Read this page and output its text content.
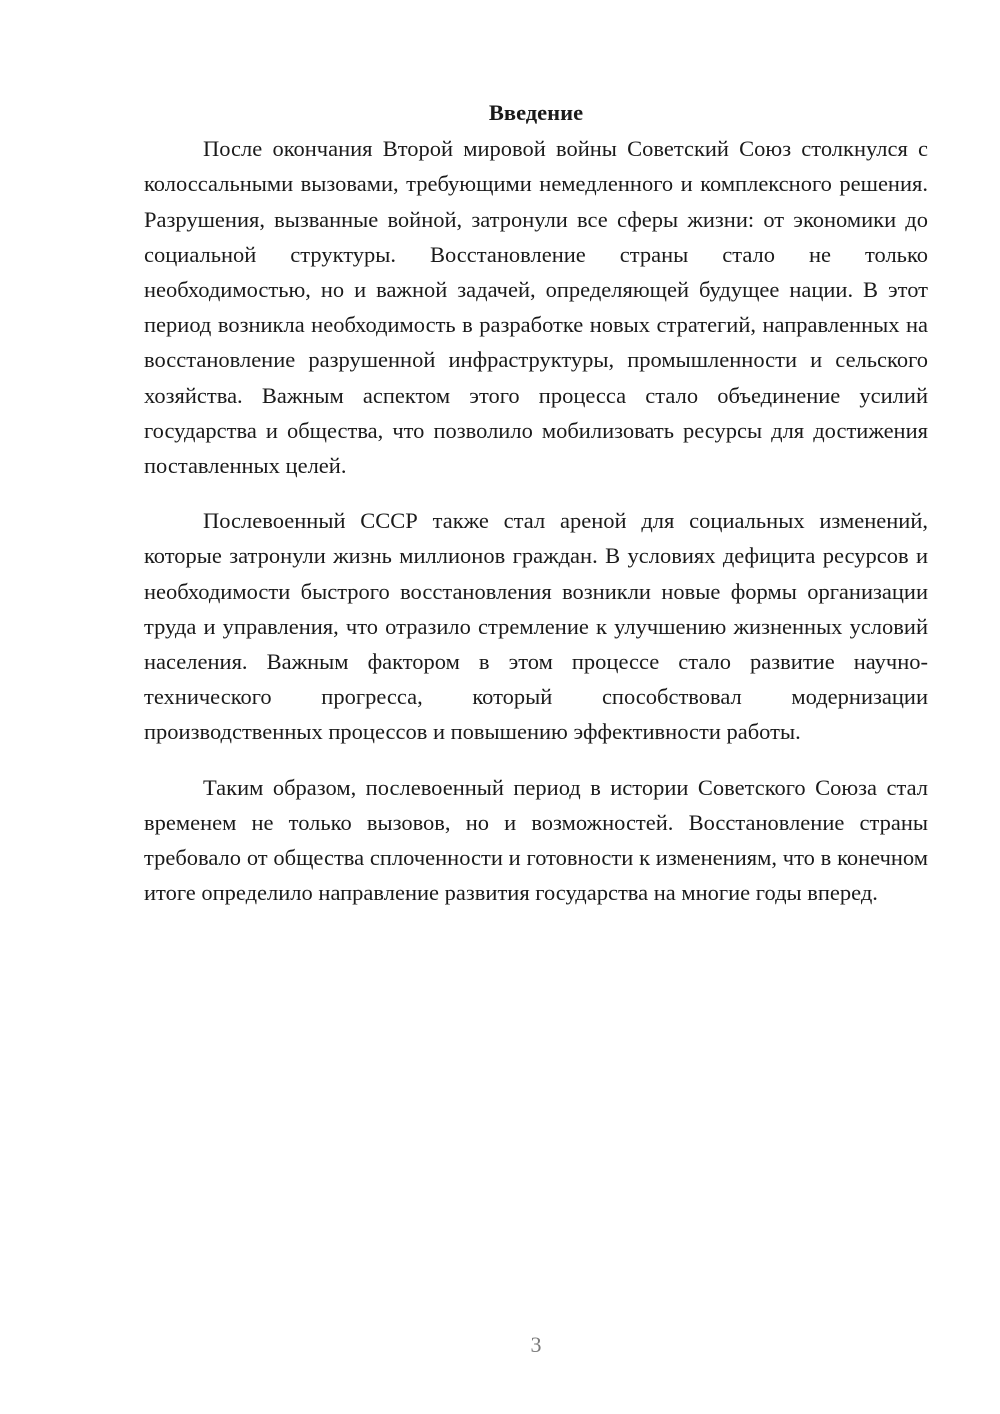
Введение

После окончания Второй мировой войны Советский Союз столкнулся с колоссальными вызовами, требующими немедленного и комплексного решения. Разрушения, вызванные войной, затронули все сферы жизни: от экономики до социальной структуры. Восстановление страны стало не только необходимостью, но и важной задачей, определяющей будущее нации. В этот период возникла необходимость в разработке новых стратегий, направленных на восстановление разрушенной инфраструктуры, промышленности и сельского хозяйства. Важным аспектом этого процесса стало объединение усилий государства и общества, что позволило мобилизовать ресурсы для достижения поставленных целей.

Послевоенный СССР также стал ареной для социальных изменений, которые затронули жизнь миллионов граждан. В условиях дефицита ресурсов и необходимости быстрого восстановления возникли новые формы организации труда и управления, что отразило стремление к улучшению жизненных условий населения. Важным фактором в этом процессе стало развитие научно-технического прогресса, который способствовал модернизации производственных процессов и повышению эффективности работы.

Таким образом, послевоенный период в истории Советского Союза стал временем не только вызовов, но и возможностей. Восстановление страны требовало от общества сплоченности и готовности к изменениям, что в конечном итоге определило направление развития государства на многие годы вперед.

3
